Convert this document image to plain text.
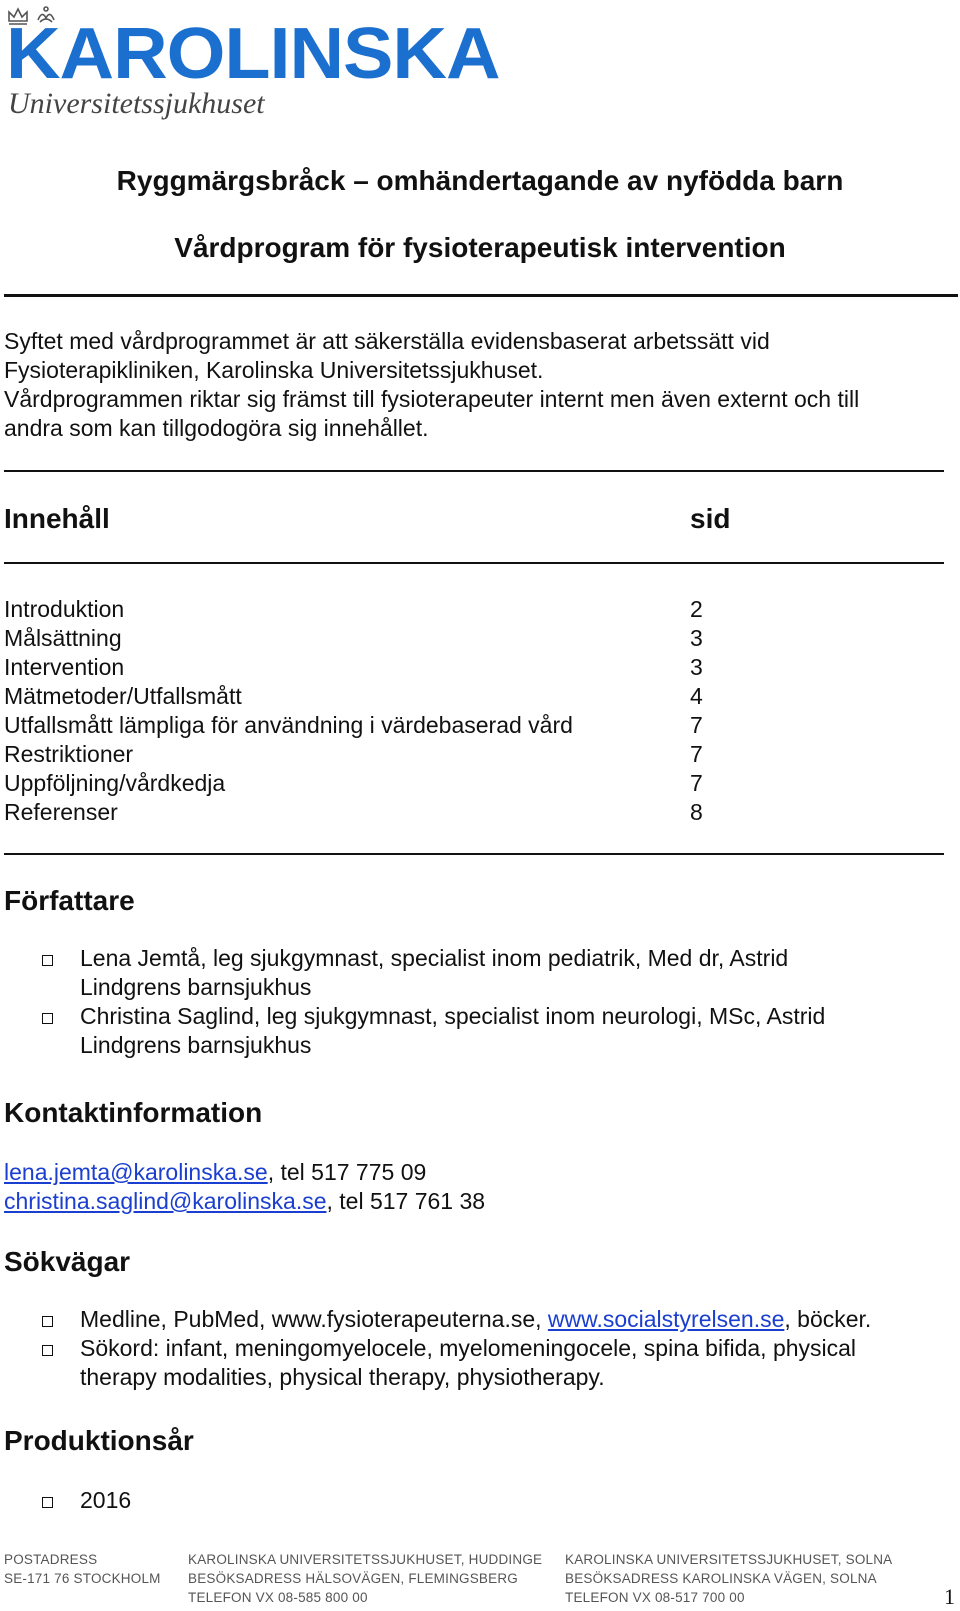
KAROLINSKA
Universitetssjukhuset
Ryggmärgsbråck – omhändertagande av nyfödda barn
Vårdprogram för fysioterapeutisk intervention
Syftet med vårdprogrammet är att säkerställa evidensbaserat arbetssätt vid
Fysioterapikliniken, Karolinska Universitetssjukhuset.
Vårdprogrammen riktar sig främst till fysioterapeuter internt men även externt och till
andra som kan tillgodogöra sig innehållet.
Innehåll	sid
Introduktion	2
Målsättning	3
Intervention	3
Mätmetoder/Utfallsmått	4
Utfallsmått lämpliga för användning i värdebaserad vård	7
Restriktioner	7
Uppföljning/vårdkedja	7
Referenser	8
Författare
Lena Jemtå, leg sjukgymnast, specialist inom pediatrik, Med dr, Astrid
Lindgrens barnsjukhus
Christina Saglind, leg sjukgymnast, specialist inom neurologi, MSc, Astrid
Lindgrens barnsjukhus
Kontaktinformation
lena.jemta@karolinska.se, tel 517 775 09
christina.saglind@karolinska.se, tel 517 761 38
Sökvägar
Medline, PubMed, www.fysioterapeuterna.se, www.socialstyrelsen.se, böcker.
Sökord: infant, meningomyelocele, myelomeningocele, spina bifida, physical
therapy modalities, physical therapy, physiotherapy.
Produktionsår
2016
POSTADRESS
SE-171 76 STOCKHOLM
KAROLINSKA UNIVERSITETSSJUKHUSET, HUDDINGE
BESÖKSADRESS HÄLSOVÄGEN, FLEMINGSBERG
TELEFON VX 08-585 800 00
KAROLINSKA UNIVERSITETSSJUKHUSET, SOLNA
BESÖKSADRESS KAROLINSKA VÄGEN, SOLNA
TELEFON VX 08-517 700 00	1
